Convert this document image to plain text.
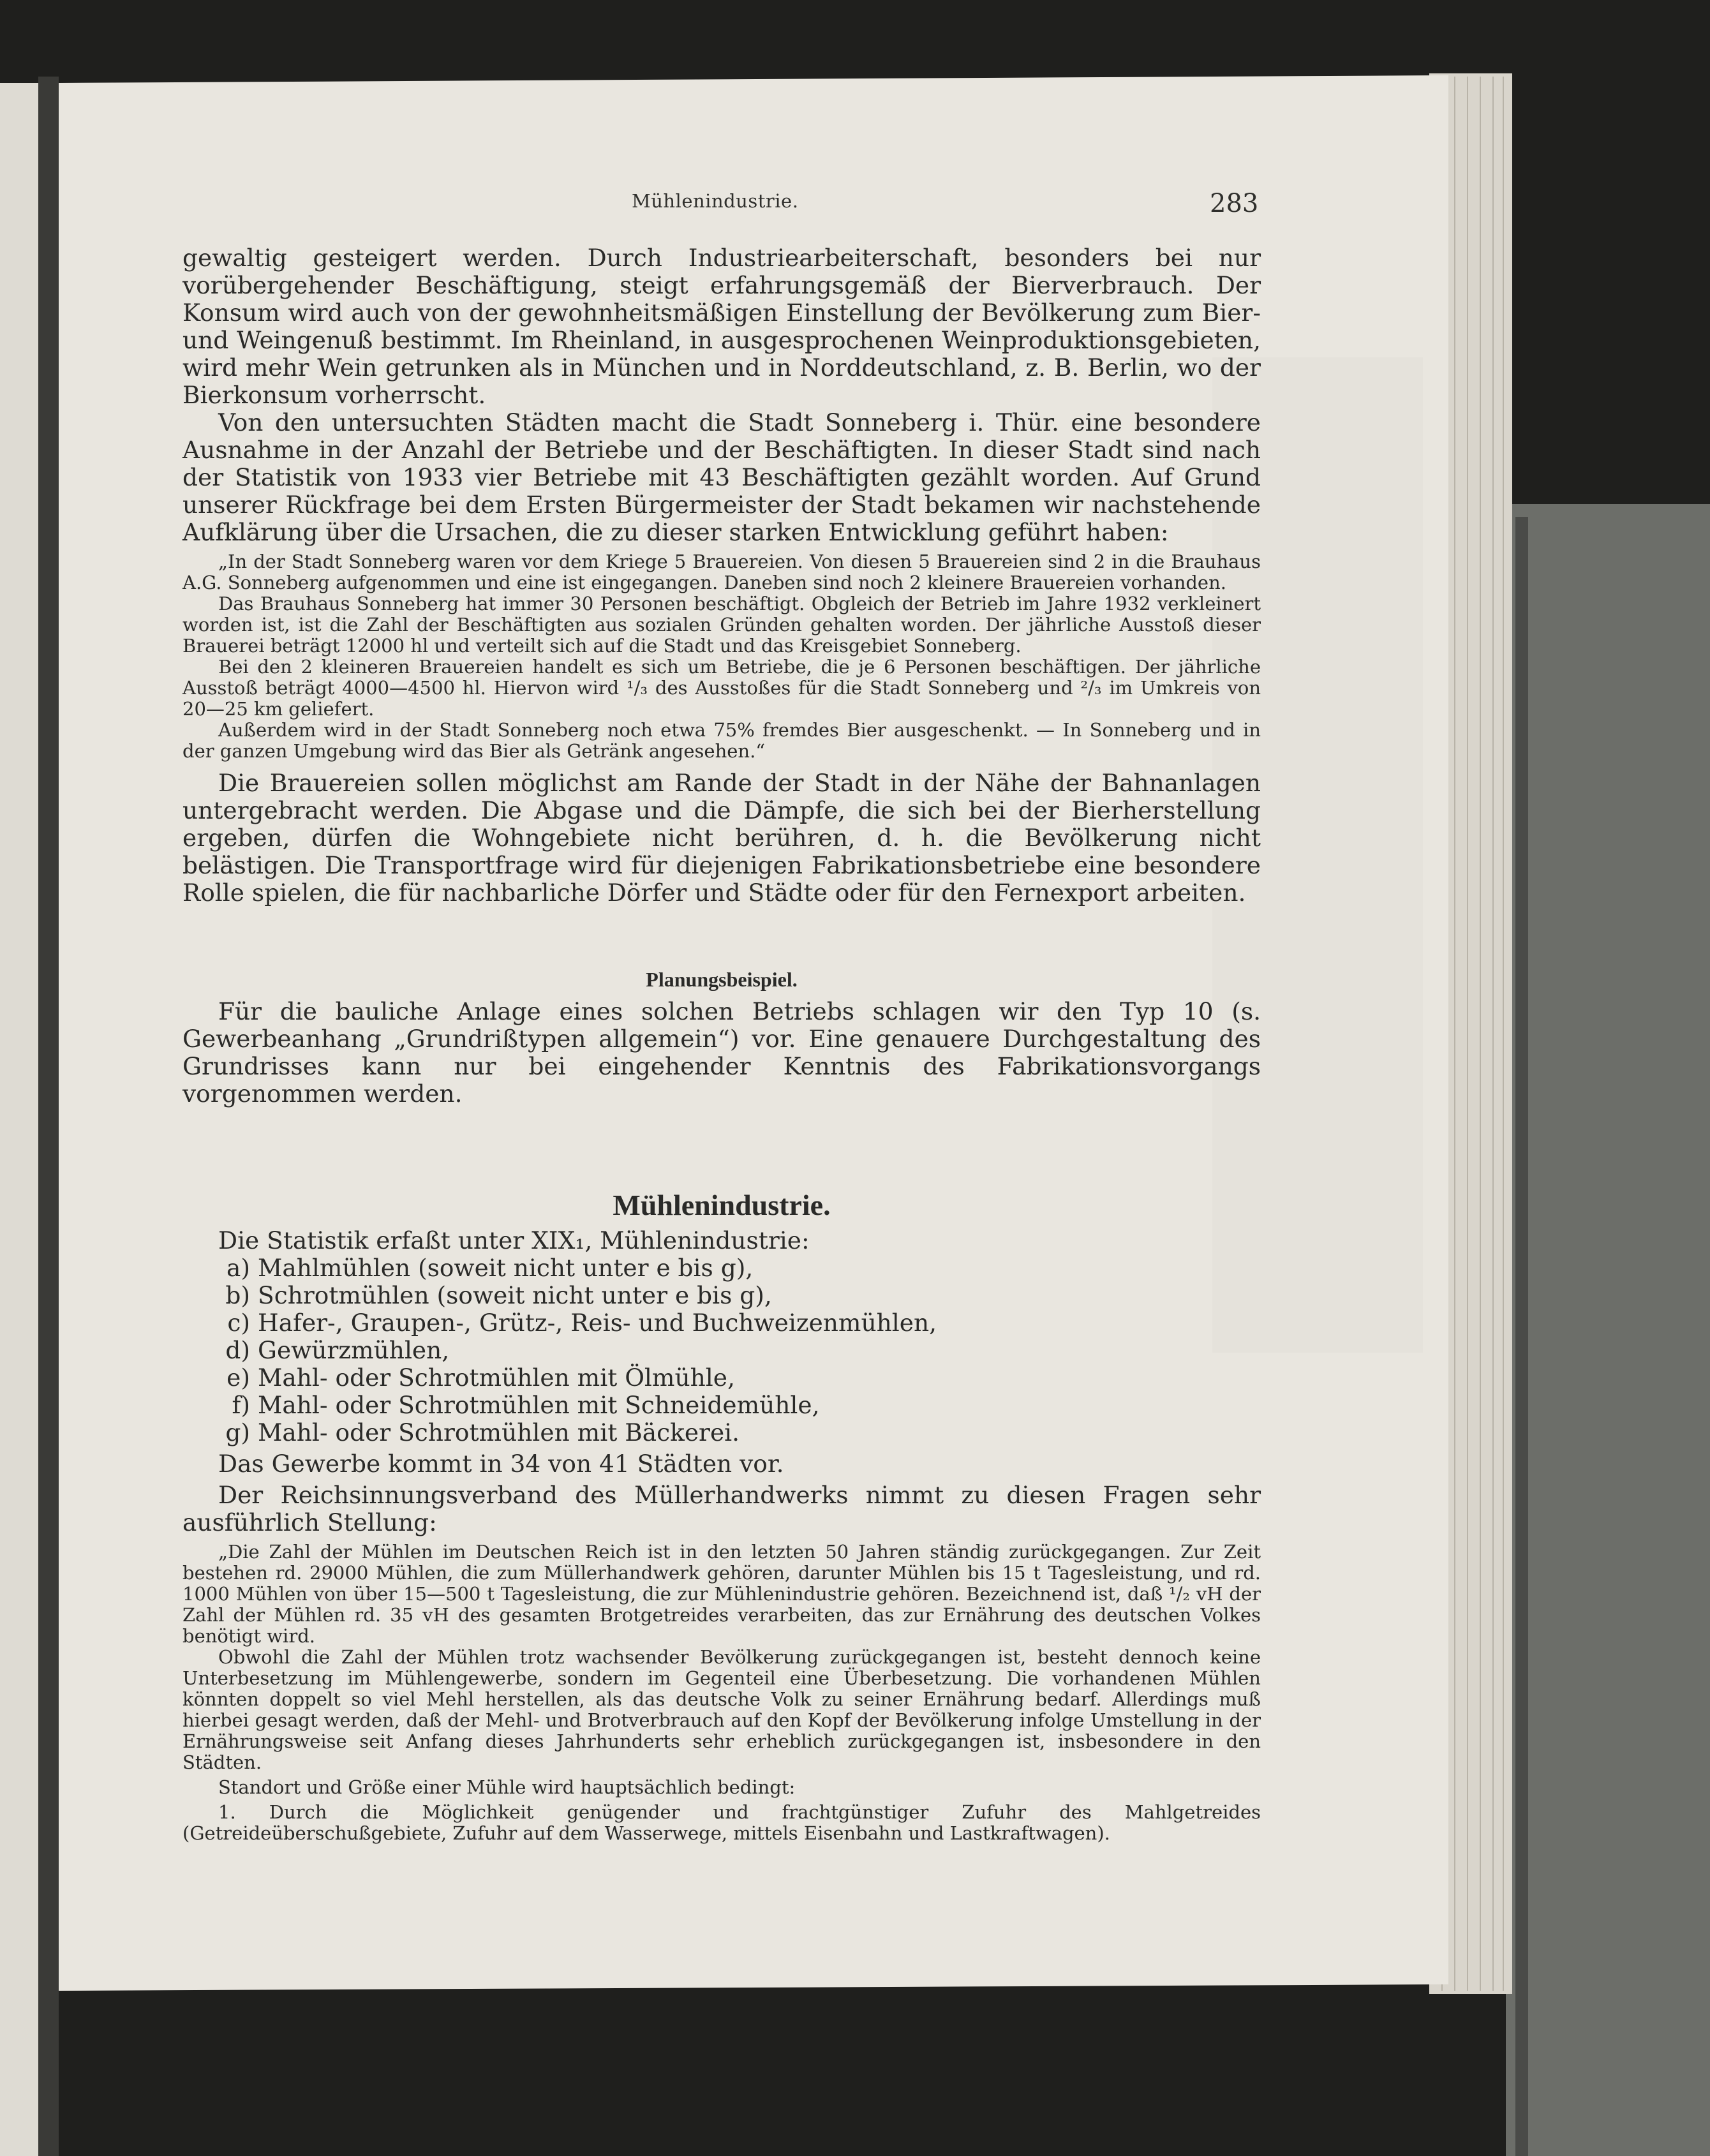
Mühlenindustrie.	283

gewaltig gesteigert werden. Durch Industriearbeiterschaft, besonders bei nur vorübergehender Beschäftigung, steigt erfahrungsgemäß der Bierverbrauch. Der Konsum wird auch von der gewohnheitsmäßigen Einstellung der Bevölkerung zum Bier- und Weingenuß bestimmt. Im Rheinland, in ausgesprochenen Weinproduktionsgebieten, wird mehr Wein getrunken als in München und in Norddeutschland, z. B. Berlin, wo der Bierkonsum vorherrscht.

Von den untersuchten Städten macht die Stadt Sonneberg i. Thür. eine besondere Ausnahme in der Anzahl der Betriebe und der Beschäftigten. In dieser Stadt sind nach der Statistik von 1933 vier Betriebe mit 43 Beschäftigten gezählt worden. Auf Grund unserer Rückfrage bei dem Ersten Bürgermeister der Stadt bekamen wir nachstehende Aufklärung über die Ursachen, die zu dieser starken Entwicklung geführt haben:

„In der Stadt Sonneberg waren vor dem Kriege 5 Brauereien. Von diesen 5 Brauereien sind 2 in die Brauhaus A.G. Sonneberg aufgenommen und eine ist eingegangen. Daneben sind noch 2 kleinere Brauereien vorhanden.

Das Brauhaus Sonneberg hat immer 30 Personen beschäftigt. Obgleich der Betrieb im Jahre 1932 verkleinert worden ist, ist die Zahl der Beschäftigten aus sozialen Gründen gehalten worden. Der jährliche Ausstoß dieser Brauerei beträgt 12000 hl und verteilt sich auf die Stadt und das Kreisgebiet Sonneberg.

Bei den 2 kleineren Brauereien handelt es sich um Betriebe, die je 6 Personen beschäftigen. Der jährliche Ausstoß beträgt 4000—4500 hl. Hiervon wird ¹/₃ des Ausstoßes für die Stadt Sonneberg und ²/₃ im Umkreis von 20—25 km geliefert.

Außerdem wird in der Stadt Sonneberg noch etwa 75% fremdes Bier ausgeschenkt. — In Sonneberg und in der ganzen Umgebung wird das Bier als Getränk angesehen.“

Die Brauereien sollen möglichst am Rande der Stadt in der Nähe der Bahnanlagen untergebracht werden. Die Abgase und die Dämpfe, die sich bei der Bierherstellung ergeben, dürfen die Wohngebiete nicht berühren, d. h. die Bevölkerung nicht belästigen. Die Transportfrage wird für diejenigen Fabrikationsbetriebe eine besondere Rolle spielen, die für nachbarliche Dörfer und Städte oder für den Fernexport arbeiten.

Planungsbeispiel.

Für die bauliche Anlage eines solchen Betriebs schlagen wir den Typ 10 (s. Gewerbeanhang „Grundrißtypen allgemein“) vor. Eine genauere Durchgestaltung des Grundrisses kann nur bei eingehender Kenntnis des Fabrikationsvorgangs vorgenommen werden.

Mühlenindustrie.

Die Statistik erfaßt unter XIX₁, Mühlenindustrie:

a) Mahlmühlen (soweit nicht unter e bis g),
b) Schrotmühlen (soweit nicht unter e bis g),
c) Hafer-, Graupen-, Grütz-, Reis- und Buchweizenmühlen,
d) Gewürzmühlen,
e) Mahl- oder Schrotmühlen mit Ölmühle,
f) Mahl- oder Schrotmühlen mit Schneidemühle,
g) Mahl- oder Schrotmühlen mit Bäckerei.

Das Gewerbe kommt in 34 von 41 Städten vor.

Der Reichsinnungsverband des Müllerhandwerks nimmt zu diesen Fragen sehr ausführlich Stellung:

„Die Zahl der Mühlen im Deutschen Reich ist in den letzten 50 Jahren ständig zurückgegangen. Zur Zeit bestehen rd. 29000 Mühlen, die zum Müllerhandwerk gehören, darunter Mühlen bis 15 t Tagesleistung, und rd. 1000 Mühlen von über 15—500 t Tagesleistung, die zur Mühlenindustrie gehören. Bezeichnend ist, daß ¹/₂ vH der Zahl der Mühlen rd. 35 vH des gesamten Brotgetreides verarbeiten, das zur Ernährung des deutschen Volkes benötigt wird.

Obwohl die Zahl der Mühlen trotz wachsender Bevölkerung zurückgegangen ist, besteht dennoch keine Unterbesetzung im Mühlengewerbe, sondern im Gegenteil eine Überbesetzung. Die vorhandenen Mühlen könnten doppelt so viel Mehl herstellen, als das deutsche Volk zu seiner Ernährung bedarf. Allerdings muß hierbei gesagt werden, daß der Mehl- und Brotverbrauch auf den Kopf der Bevölkerung infolge Umstellung in der Ernährungsweise seit Anfang dieses Jahrhunderts sehr erheblich zurückgegangen ist, insbesondere in den Städten.

Standort und Größe einer Mühle wird hauptsächlich bedingt:

1. Durch die Möglichkeit genügender und frachtgünstiger Zufuhr des Mahlgetreides (Getreideüberschußgebiete, Zufuhr auf dem Wasserwege, mittels Eisenbahn und Lastkraftwagen).
